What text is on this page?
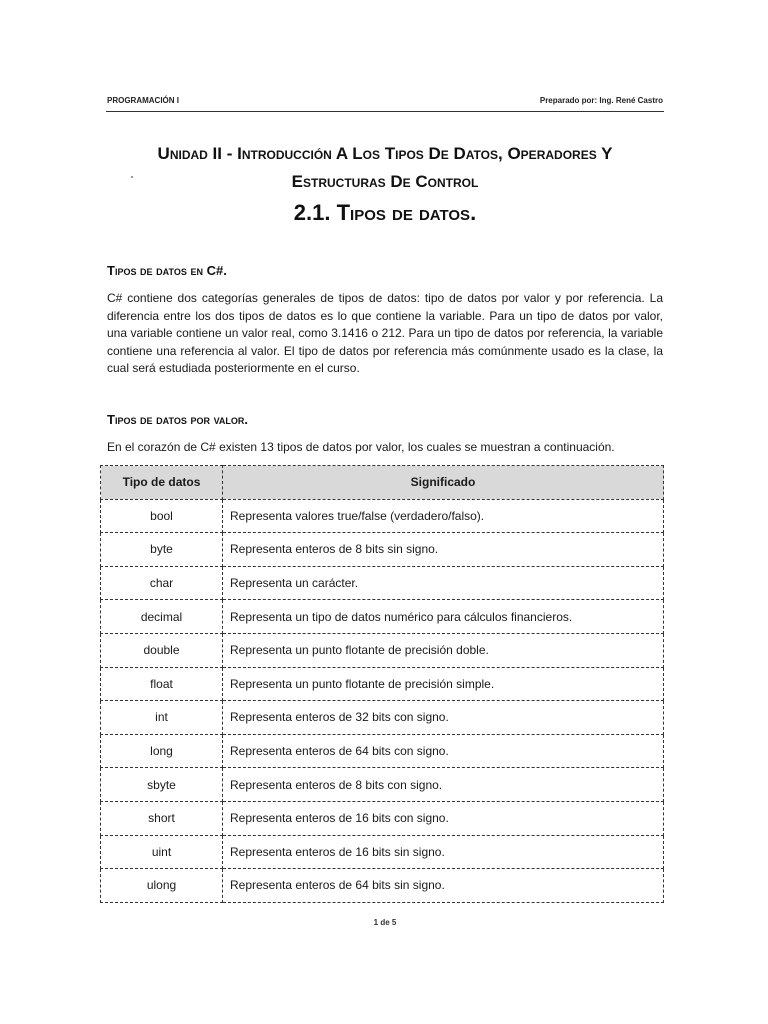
PROGRAMACIÓN I	Preparado por: Ing. René Castro
Unidad II - Introducción A Los Tipos De Datos, Operadores Y
Estructuras De Control
2.1. Tipos de datos.
Tipos de datos en C#.
C# contiene dos categorías generales de tipos de datos: tipo de datos por valor y por referencia. La diferencia entre los dos tipos de datos es lo que contiene la variable. Para un tipo de datos por valor, una variable contiene un valor real, como 3.1416 o 212. Para un tipo de datos por referencia, la variable contiene una referencia al valor. El tipo de datos por referencia más comúnmente usado es la clase, la cual será estudiada posteriormente en el curso.
Tipos de datos por valor.
En el corazón de C# existen 13 tipos de datos por valor, los cuales se muestran a continuación.
Tipo de datos	Significado
bool	Representa valores true/false (verdadero/falso).
byte	Representa enteros de 8 bits sin signo.
char	Representa un carácter.
decimal	Representa un tipo de datos numérico para cálculos financieros.
double	Representa un punto flotante de precisión doble.
float	Representa un punto flotante de precisión simple.
int	Representa enteros de 32 bits con signo.
long	Representa enteros de 64 bits con signo.
sbyte	Representa enteros de 8 bits con signo.
short	Representa enteros de 16 bits con signo.
uint	Representa enteros de 16 bits sin signo.
ulong	Representa enteros de 64 bits sin signo.
1 de 5
